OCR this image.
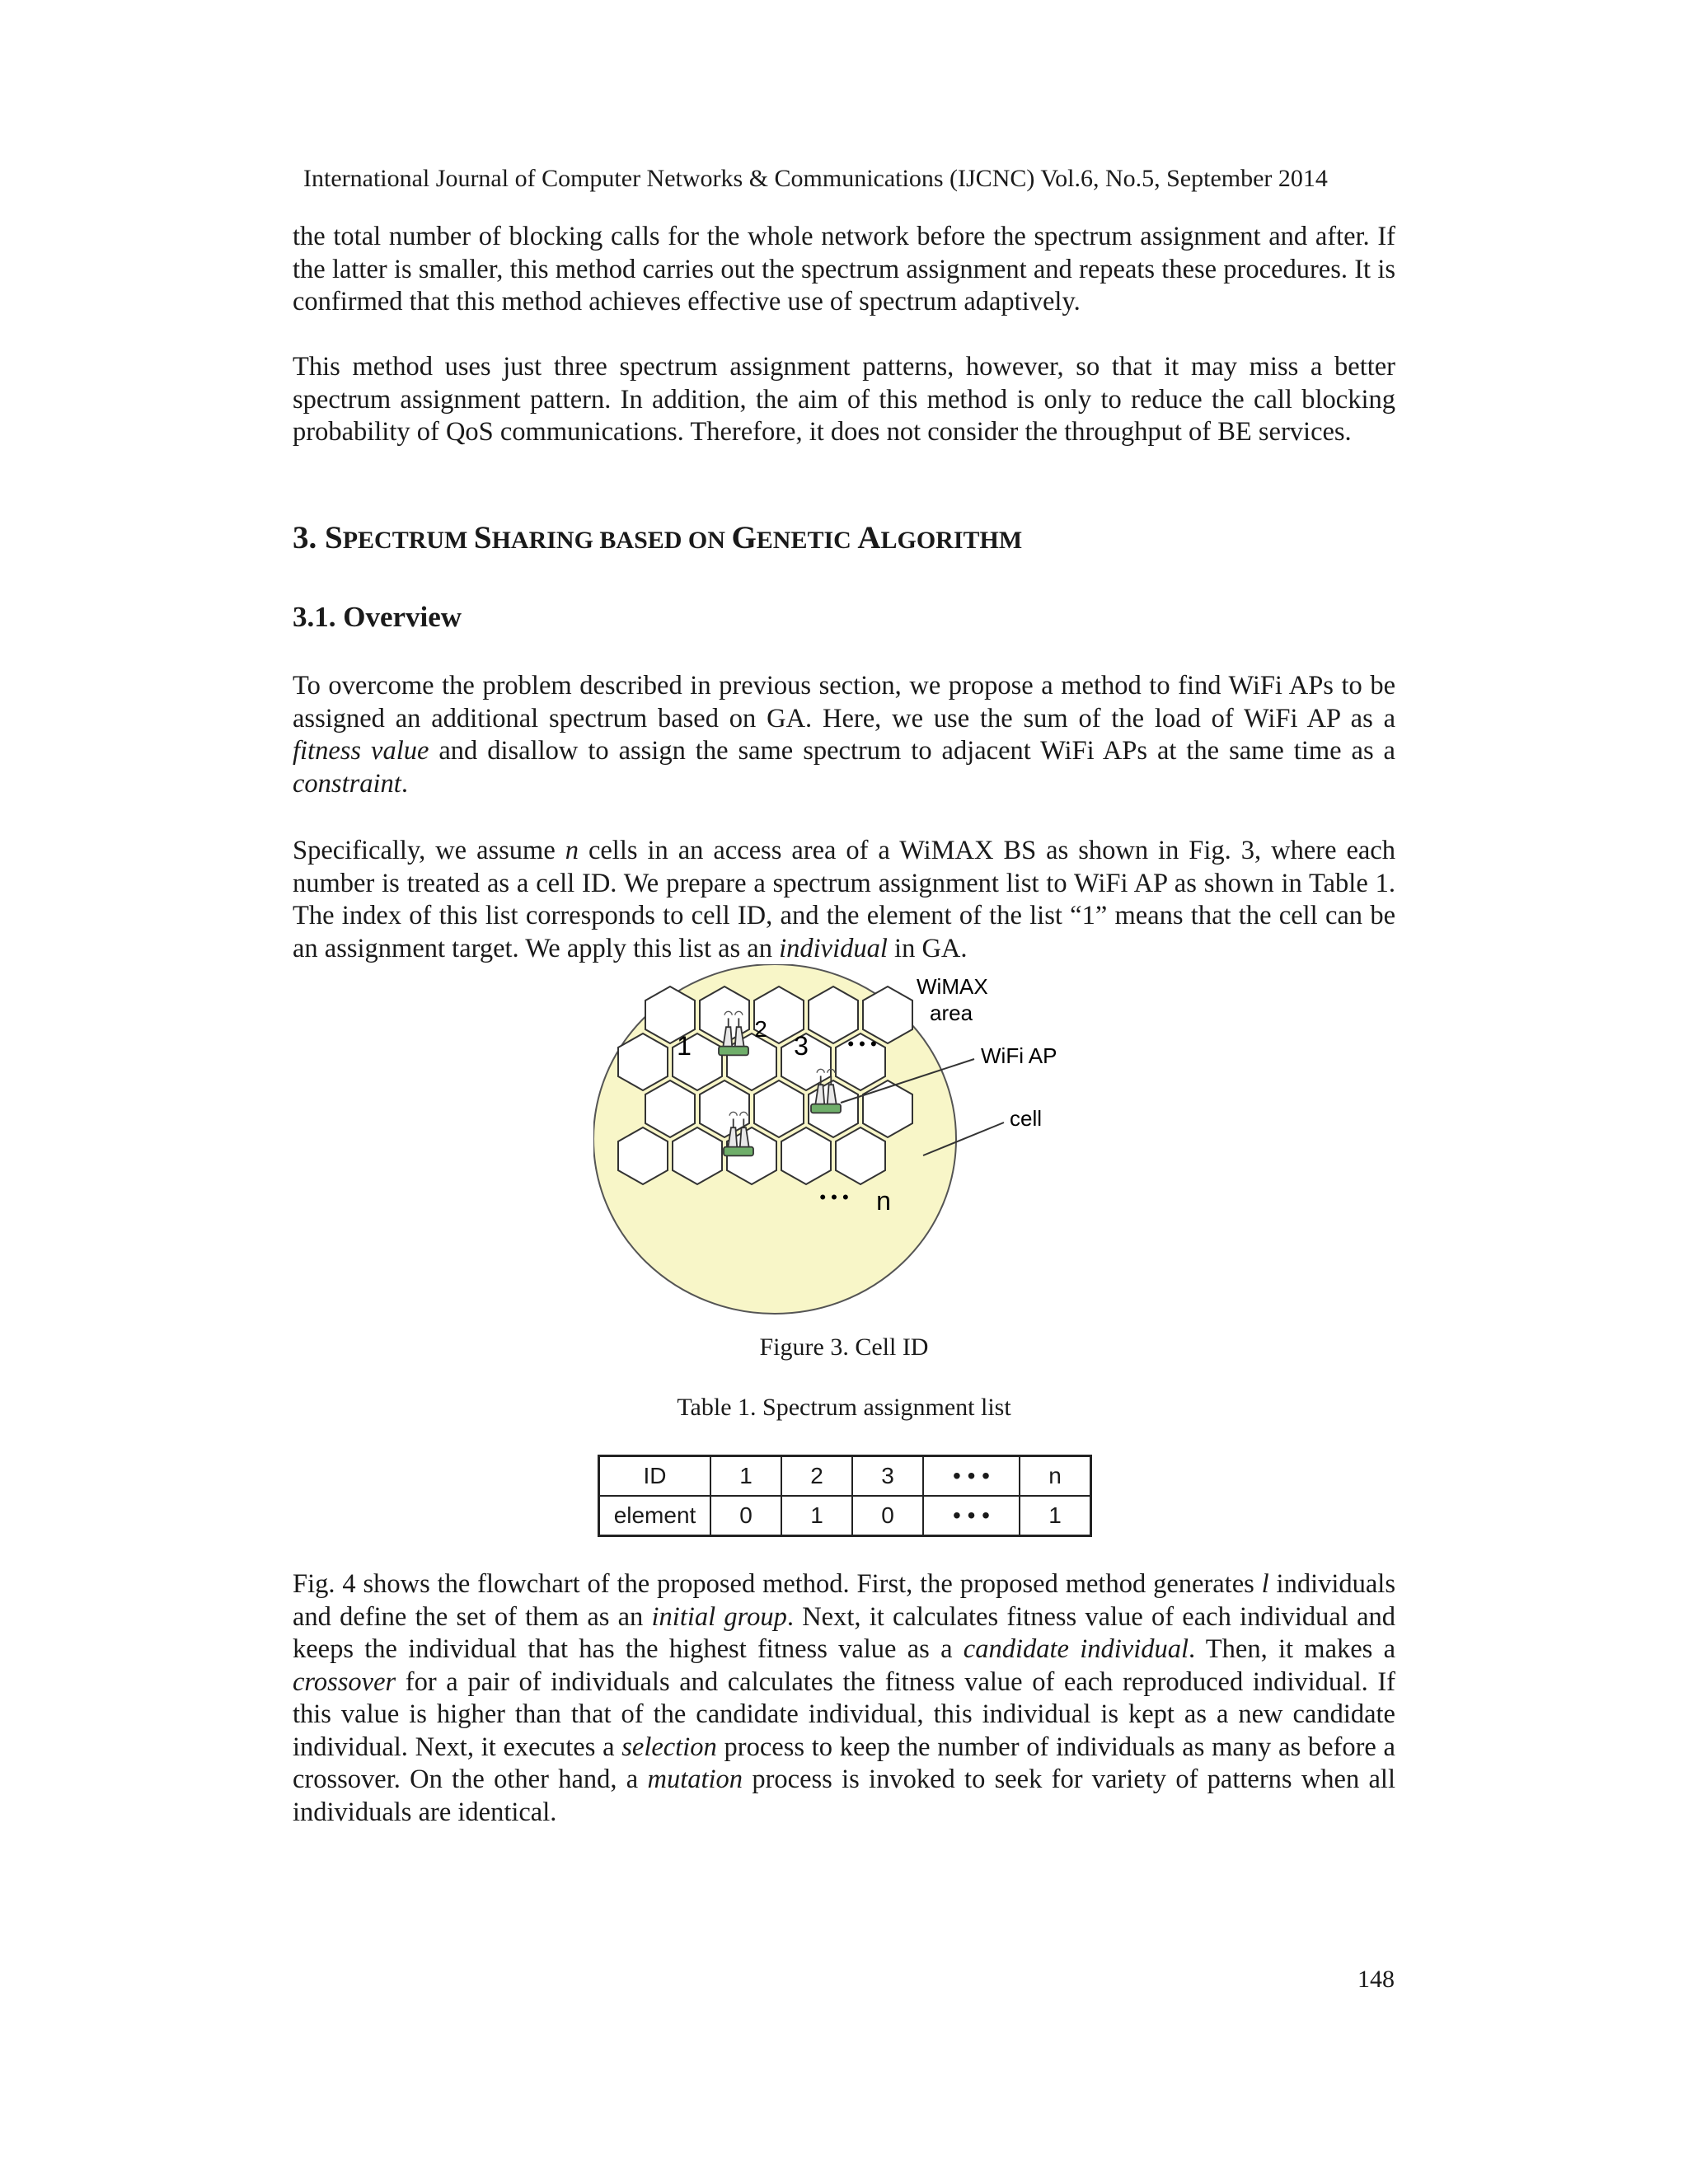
International Journal of Computer Networks & Communications (IJCNC) Vol.6, No.5, September 2014

the total number of blocking calls for the whole network before the spectrum assignment and after. If the latter is smaller, this method carries out the spectrum assignment and repeats these procedures. It is confirmed that this method achieves effective use of spectrum adaptively.

This method uses just three spectrum assignment patterns, however, so that it may miss a better spectrum assignment pattern. In addition, the aim of this method is only to reduce the call blocking probability of QoS communications. Therefore, it does not consider the throughput of BE services.

3. SPECTRUM SHARING BASED ON GENETIC ALGORITHM
3.1. Overview

To overcome the problem described in previous section, we propose a method to find WiFi APs to be assigned an additional spectrum based on GA. Here, we use the sum of the load of WiFi AP as a fitness value and disallow to assign the same spectrum to adjacent WiFi APs at the same time as a constraint.

Specifically, we assume n cells in an access area of a WiMAX BS as shown in Fig. 3, where each number is treated as a cell ID. We prepare a spectrum assignment list to WiFi AP as shown in Table 1. The index of this list corresponds to cell ID, and the element of the list “1” means that the cell can be an assignment target. We apply this list as an individual in GA.

1
2
3 • • •
• • • n
WiMAX
area
WiFi AP
cell
Figure 3. Cell ID
Table 1. Spectrum assignment list
ID	1	2	3	• • •	n
element	0	1	0	• • •	1

Fig. 4 shows the flowchart of the proposed method. First, the proposed method generates l individuals and define the set of them as an initial group. Next, it calculates fitness value of each individual and keeps the individual that has the highest fitness value as a candidate individual. Then, it makes a crossover for a pair of individuals and calculates the fitness value of each reproduced individual. If this value is higher than that of the candidate individual, this individual is kept as a new candidate individual. Next, it executes a selection process to keep the number of individuals as many as before a crossover. On the other hand, a mutation process is invoked to seek for variety of patterns when all individuals are identical.

148
